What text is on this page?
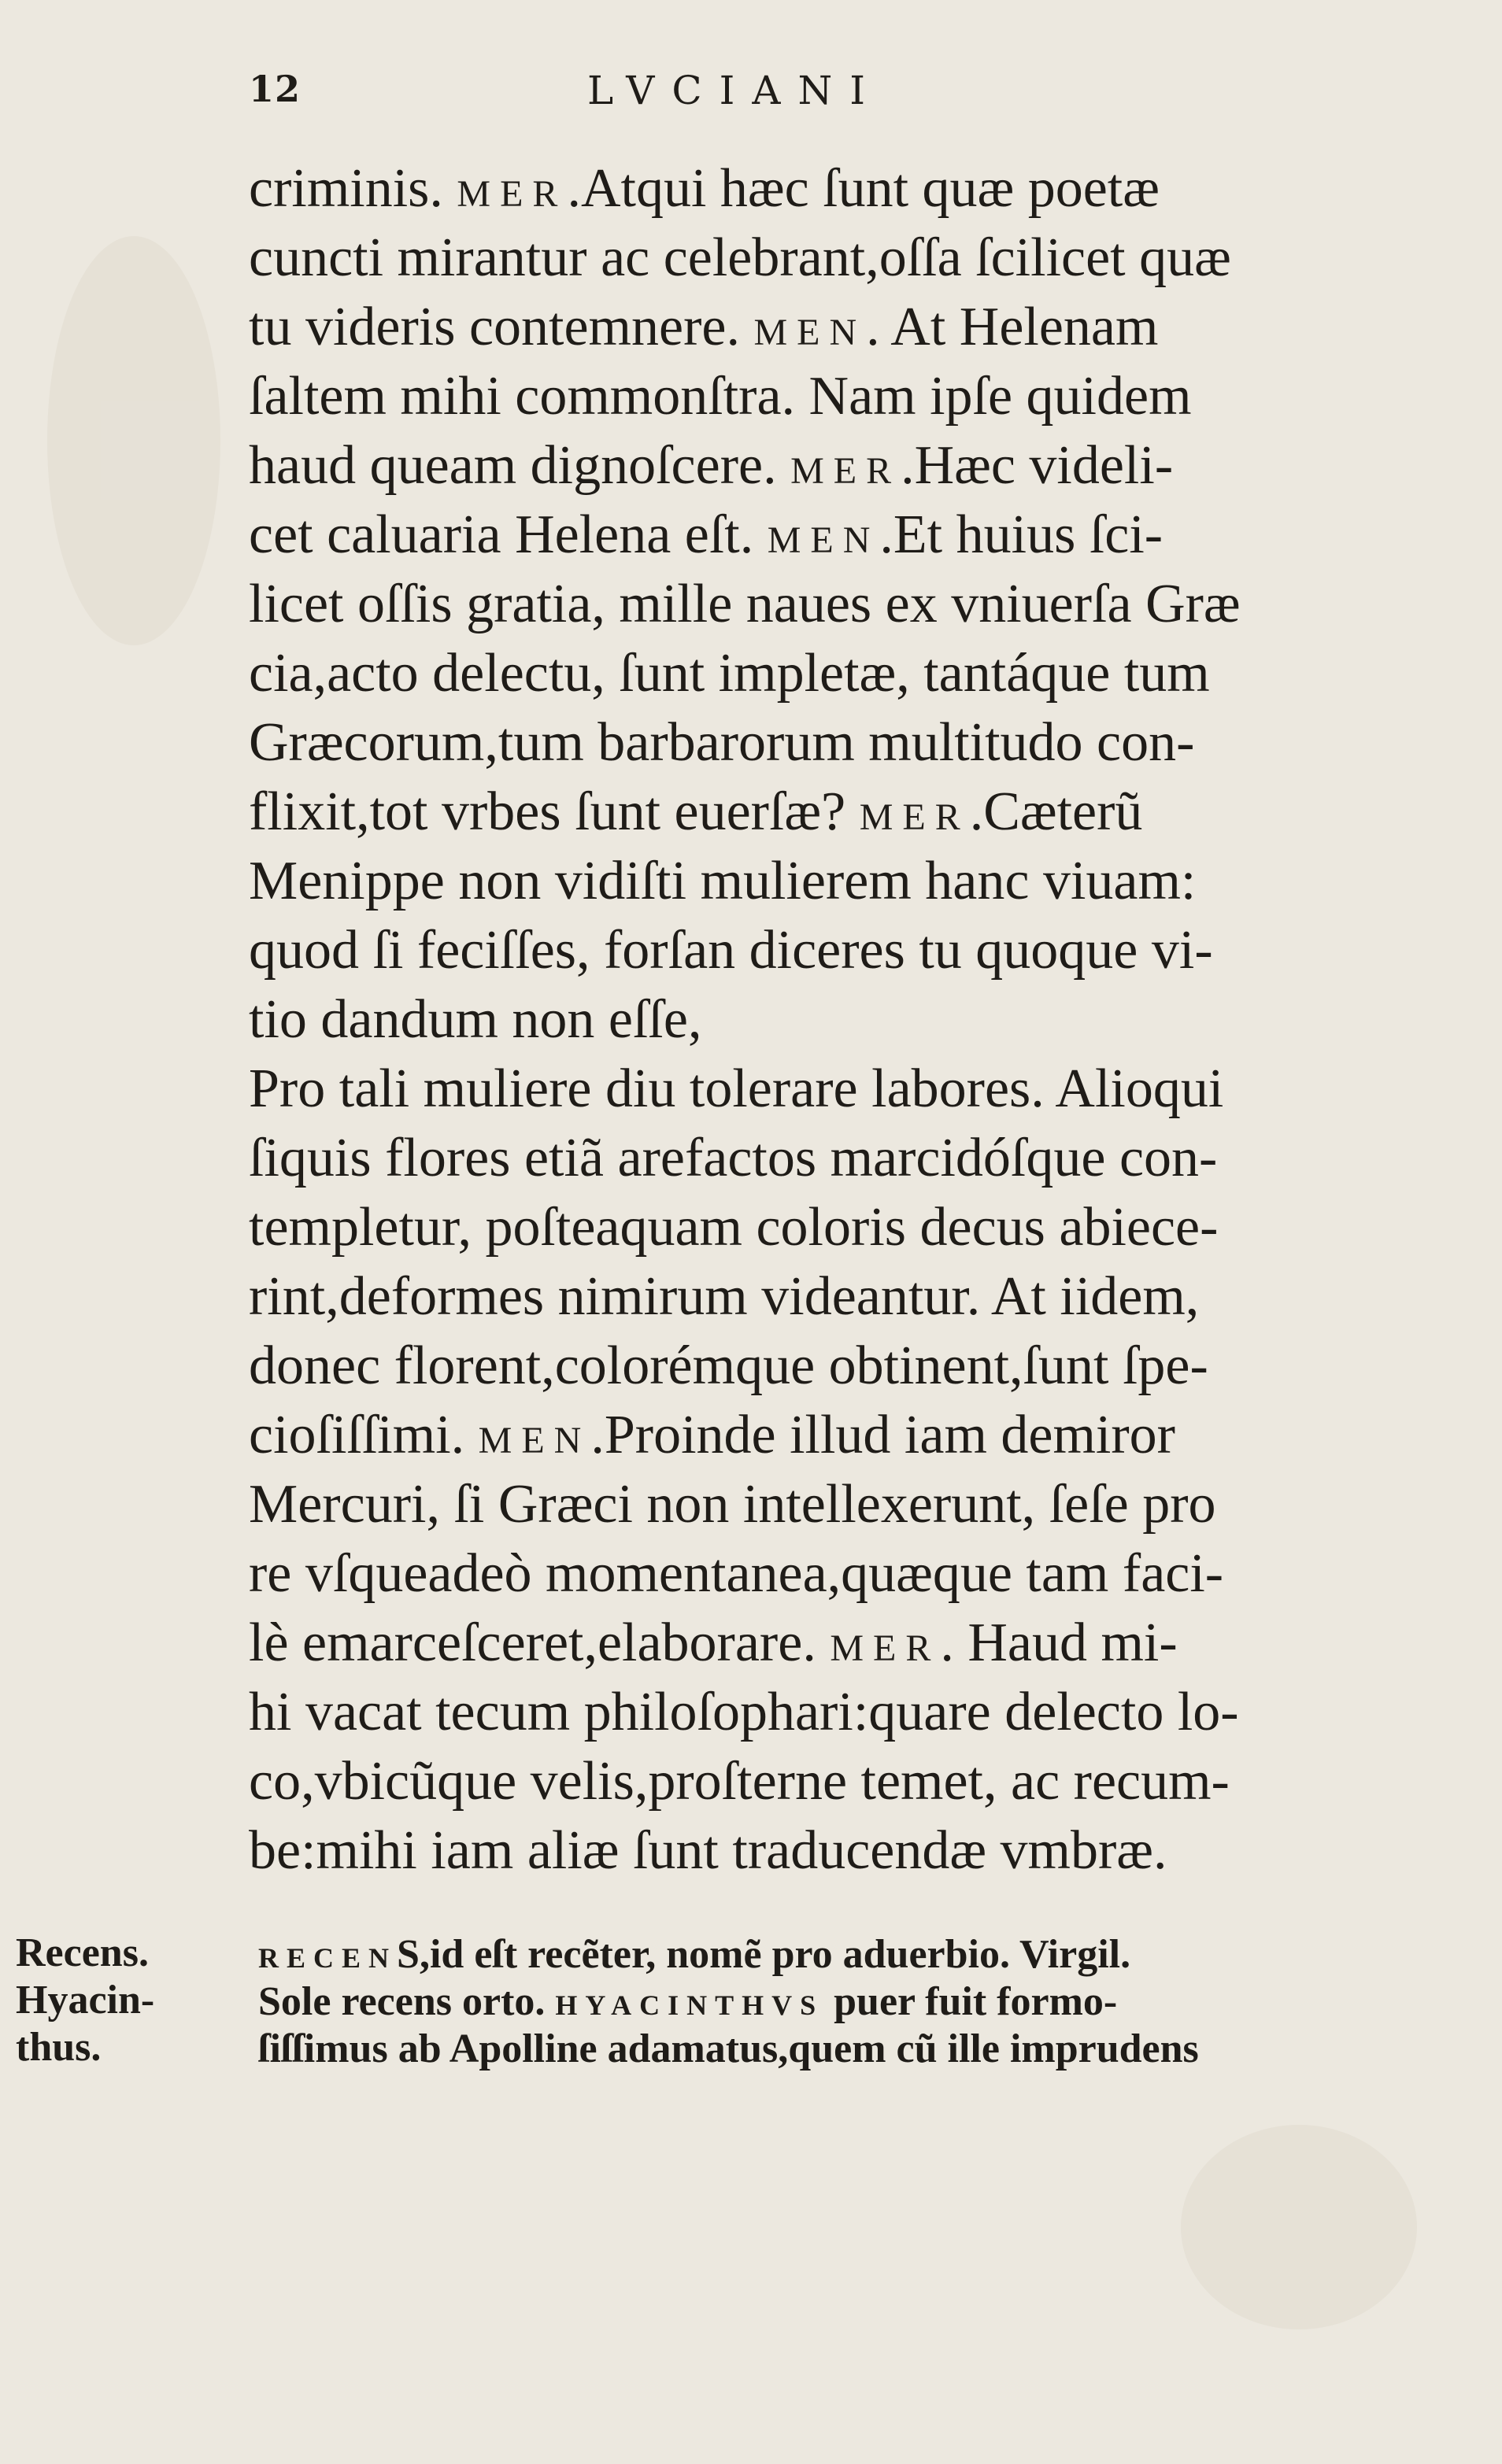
12	LVCIANI
criminis. MER.Atqui hæc ſunt quæ poetæ
cuncti mirantur ac celebrant,oſſa ſcilicet quæ
tu videris contemnere. MEN. At Helenam
ſaltem mihi commonſtra. Nam ipſe quidem
haud queam dignoſcere. MER.Hæc videli-
cet caluaria Helena eſt. MEN.Et huius ſci-
licet oſſis gratia, mille naues ex vniuerſa Græ
cia,acto delectu, ſunt impletæ, tantáque tum
Græcorum,tum barbarorum multitudo con-
flixit,tot vrbes ſunt euerſæ? MER.Cæterũ
Menippe non vidiſti mulierem hanc viuam:
quod ſi feciſſes, forſan diceres tu quoque vi-
tio dandum non eſſe,
Pro tali muliere diu tolerare labores. Alioqui
ſiquis flores etiã arefactos marcidóſque con-
templetur, poſteaquam coloris decus abiece-
rint,deformes nimirum videantur. At iidem,
donec florent,colorémque obtinent,ſunt ſpe-
cioſiſſimi. MEN.Proinde illud iam demiror
Mercuri, ſi Græci non intellexerunt, ſeſe pro
re vſqueadeò momentanea,quæque tam faci-
lè emarceſceret,elaborare. MER. Haud mi-
hi vacat tecum philoſophari:quare delecto lo-
co,vbicũque velis,proſterne temet, ac recum-
be:mihi iam aliæ ſunt traducendæ vmbræ.
Recens.
Hyacin-
thus.
RECENS,id eſt recẽter, nomẽ pro aduerbio. Virgil.
Sole recens orto. HYACINTHVS puer fuit formo-
ſiſſimus ab Apolline adamatus,quem cũ ille imprudens
